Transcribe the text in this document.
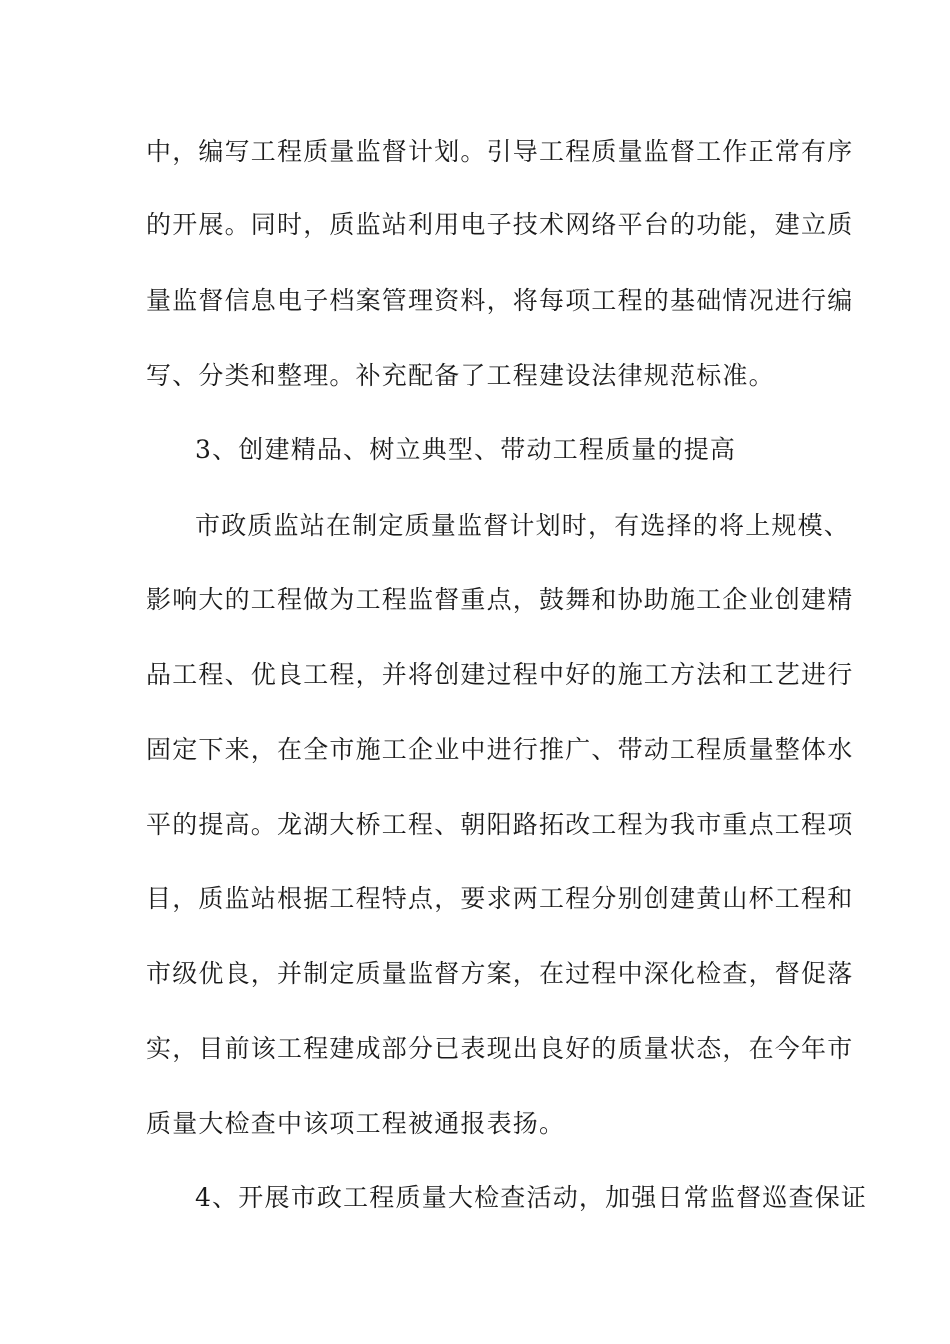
中，编写工程质量监督计划。引导工程质量监督工作正常有序
的开展。同时，质监站利用电子技术网络平台的功能，建立质
量监督信息电子档案管理资料，将每项工程的基础情况进行编
写、分类和整理。补充配备了工程建设法律规范标准。
3、创建精品、树立典型、带动工程质量的提高
市政质监站在制定质量监督计划时，有选择的将上规模、
影响大的工程做为工程监督重点，鼓舞和协助施工企业创建精
品工程、优良工程，并将创建过程中好的施工方法和工艺进行
固定下来，在全市施工企业中进行推广、带动工程质量整体水
平的提高。龙湖大桥工程、朝阳路拓改工程为我市重点工程项
目，质监站根据工程特点，要求两工程分别创建黄山杯工程和
市级优良，并制定质量监督方案，在过程中深化检查，督促落
实，目前该工程建成部分已表现出良好的质量状态，在今年市
质量大检查中该项工程被通报表扬。
4、开展市政工程质量大检查活动，加强日常监督巡查保证
